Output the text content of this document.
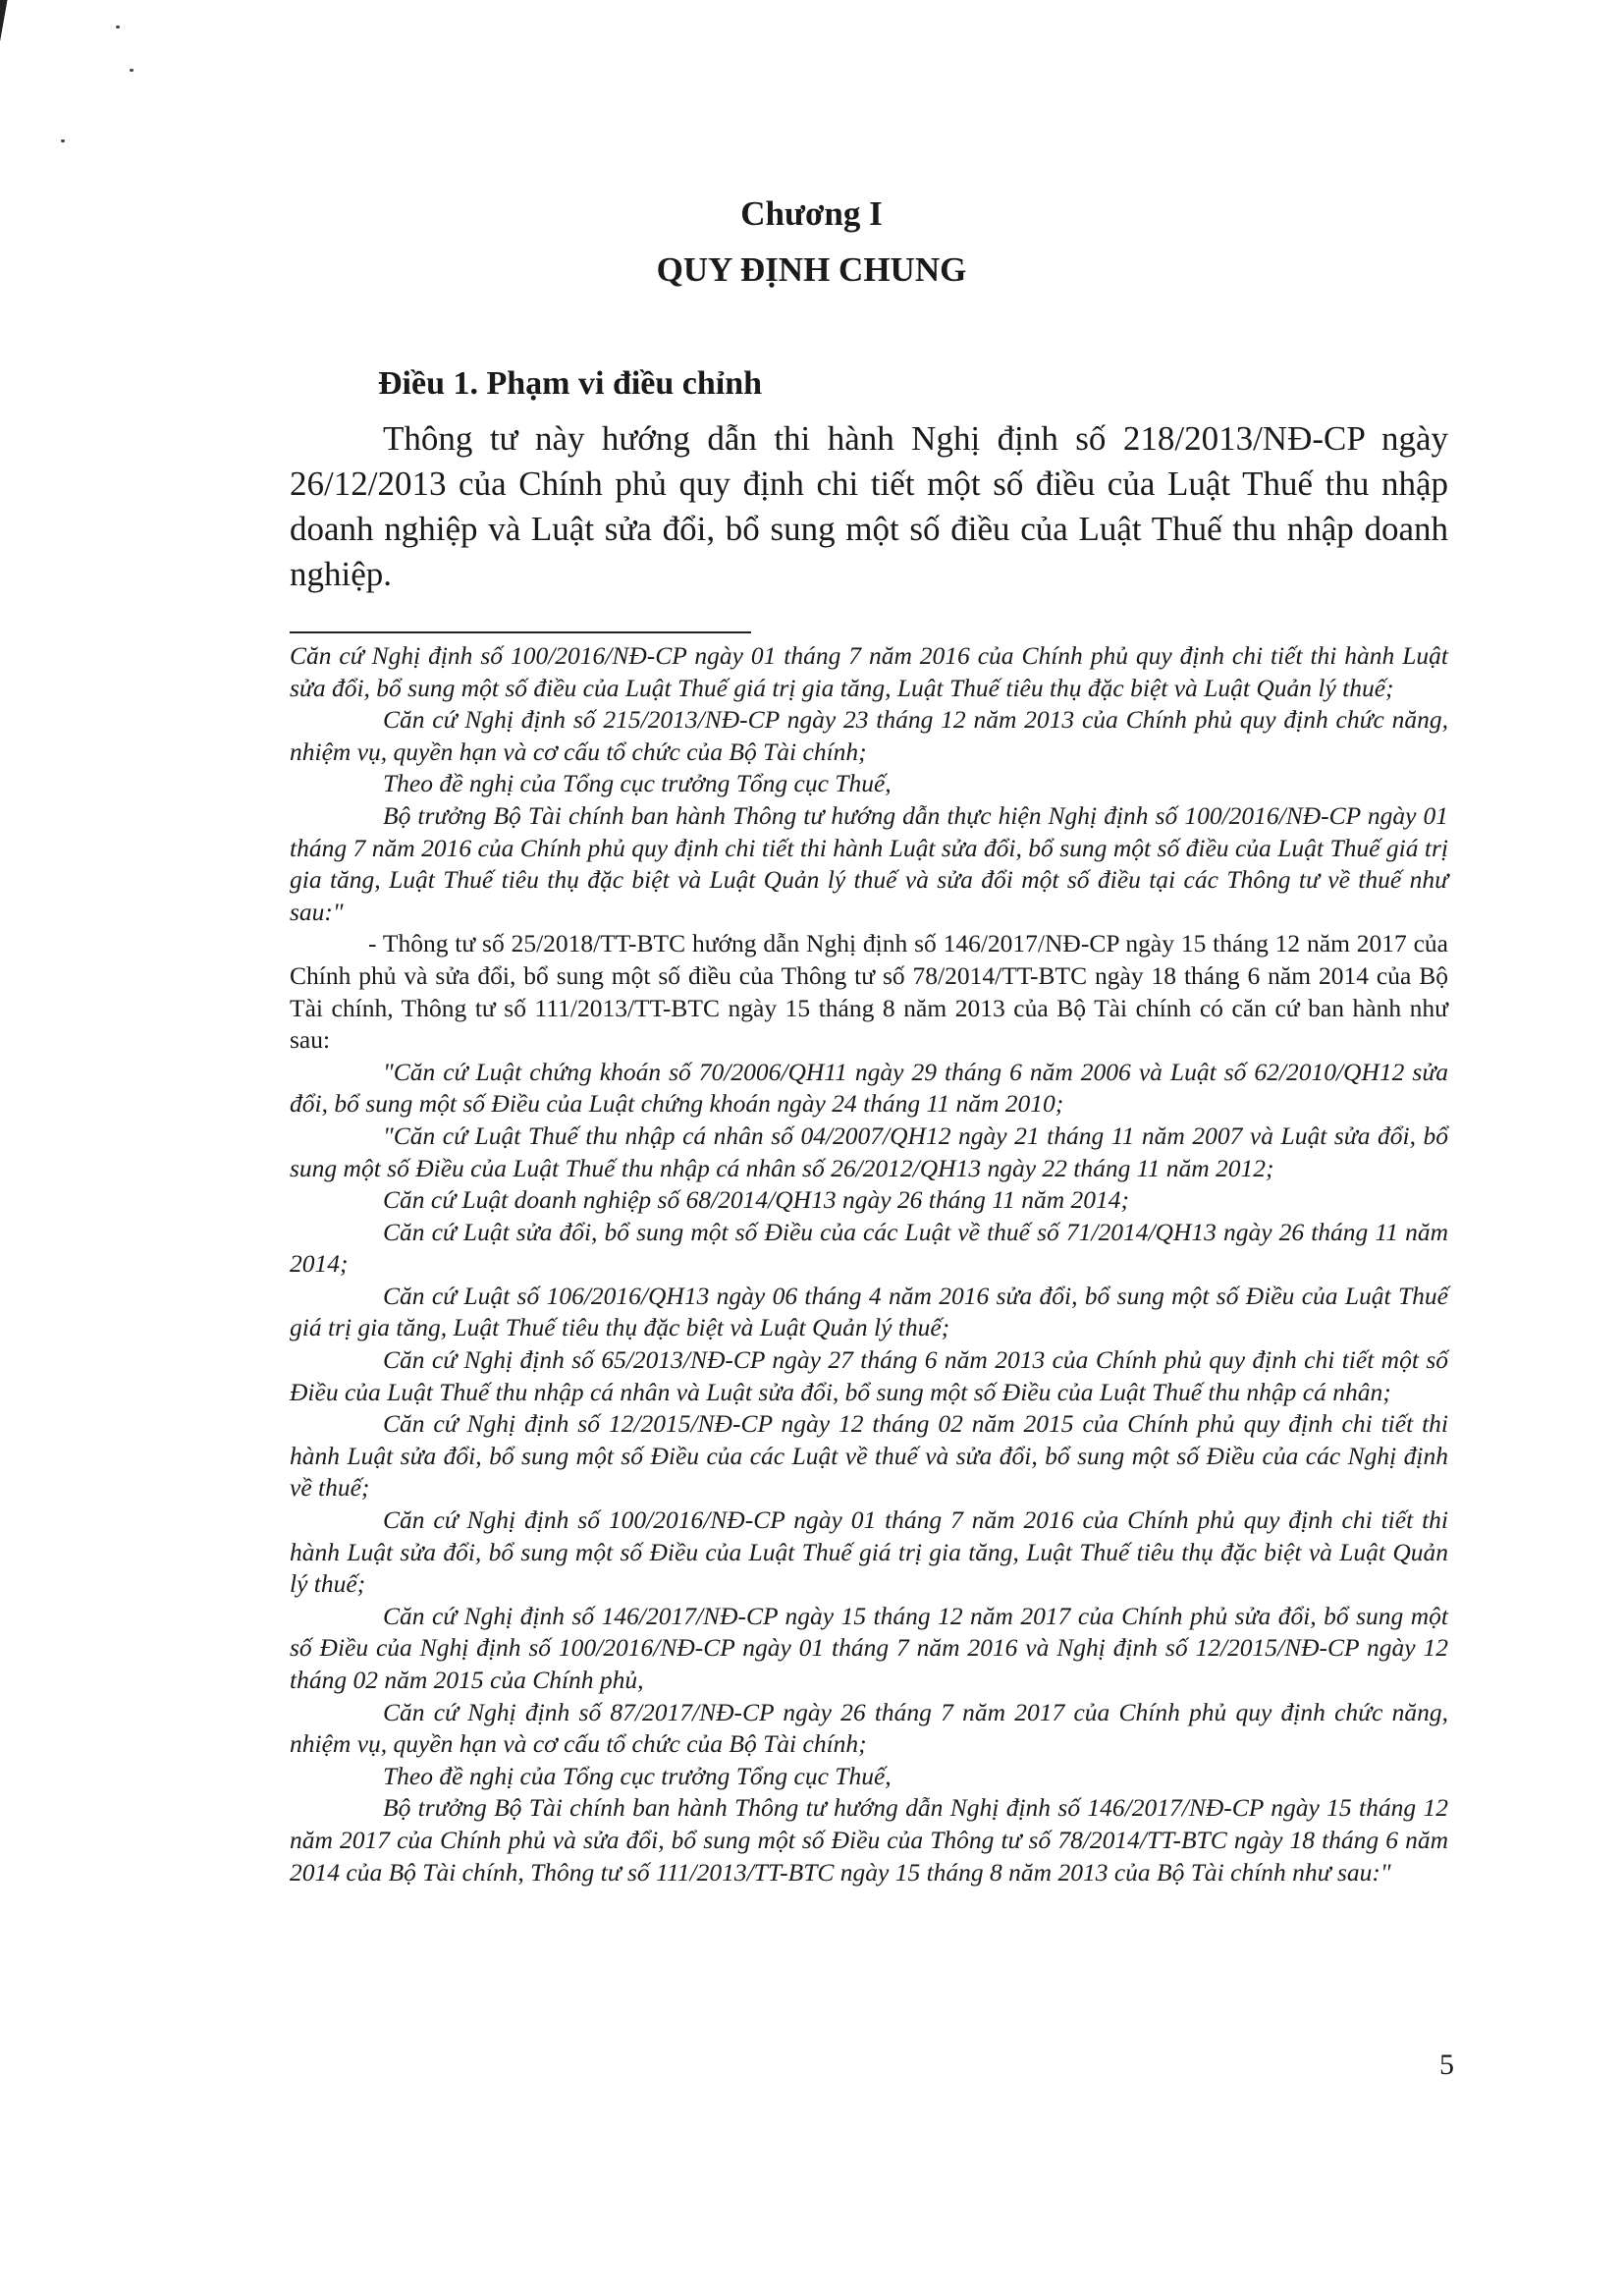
Chương I
QUY ĐỊNH CHUNG
Điều 1. Phạm vi điều chỉnh

Thông tư này hướng dẫn thi hành Nghị định số 218/2013/NĐ-CP ngày 26/12/2013 của Chính phủ quy định chi tiết một số điều của Luật Thuế thu nhập doanh nghiệp và Luật sửa đổi, bổ sung một số điều của Luật Thuế thu nhập doanh nghiệp.

Căn cứ Nghị định số 100/2016/NĐ-CP ngày 01 tháng 7 năm 2016 của Chính phủ quy định chi tiết thi hành Luật sửa đổi, bổ sung một số điều của Luật Thuế giá trị gia tăng, Luật Thuế tiêu thụ đặc biệt và Luật Quản lý thuế;

Căn cứ Nghị định số 215/2013/NĐ-CP ngày 23 tháng 12 năm 2013 của Chính phủ quy định chức năng, nhiệm vụ, quyền hạn và cơ cấu tổ chức của Bộ Tài chính;

Theo đề nghị của Tổng cục trưởng Tổng cục Thuế,

Bộ trưởng Bộ Tài chính ban hành Thông tư hướng dẫn thực hiện Nghị định số 100/2016/NĐ-CP ngày 01 tháng 7 năm 2016 của Chính phủ quy định chi tiết thi hành Luật sửa đổi, bổ sung một số điều của Luật Thuế giá trị gia tăng, Luật Thuế tiêu thụ đặc biệt và Luật Quản lý thuế và sửa đổi một số điều tại các Thông tư về thuế như sau:"

- Thông tư số 25/2018/TT-BTC hướng dẫn Nghị định số 146/2017/NĐ-CP ngày 15 tháng 12 năm 2017 của Chính phủ và sửa đổi, bổ sung một số điều của Thông tư số 78/2014/TT-BTC ngày 18 tháng 6 năm 2014 của Bộ Tài chính, Thông tư số 111/2013/TT-BTC ngày 15 tháng 8 năm 2013 của Bộ Tài chính có căn cứ ban hành như sau:

"Căn cứ Luật chứng khoán số 70/2006/QH11 ngày 29 tháng 6 năm 2006 và Luật số 62/2010/QH12 sửa đổi, bổ sung một số Điều của Luật chứng khoán ngày 24 tháng 11 năm 2010;

"Căn cứ Luật Thuế thu nhập cá nhân số 04/2007/QH12 ngày 21 tháng 11 năm 2007 và Luật sửa đổi, bổ sung một số Điều của Luật Thuế thu nhập cá nhân số 26/2012/QH13 ngày 22 tháng 11 năm 2012;

Căn cứ Luật doanh nghiệp số 68/2014/QH13 ngày 26 tháng 11 năm 2014;

Căn cứ Luật sửa đổi, bổ sung một số Điều của các Luật về thuế số 71/2014/QH13 ngày 26 tháng 11 năm 2014;

Căn cứ Luật số 106/2016/QH13 ngày 06 tháng 4 năm 2016 sửa đổi, bổ sung một số Điều của Luật Thuế giá trị gia tăng, Luật Thuế tiêu thụ đặc biệt và Luật Quản lý thuế;

Căn cứ Nghị định số 65/2013/NĐ-CP ngày 27 tháng 6 năm 2013 của Chính phủ quy định chi tiết một số Điều của Luật Thuế thu nhập cá nhân và Luật sửa đổi, bổ sung một số Điều của Luật Thuế thu nhập cá nhân;

Căn cứ Nghị định số 12/2015/NĐ-CP ngày 12 tháng 02 năm 2015 của Chính phủ quy định chi tiết thi hành Luật sửa đổi, bổ sung một số Điều của các Luật về thuế và sửa đổi, bổ sung một số Điều của các Nghị định về thuế;

Căn cứ Nghị định số 100/2016/NĐ-CP ngày 01 tháng 7 năm 2016 của Chính phủ quy định chi tiết thi hành Luật sửa đổi, bổ sung một số Điều của Luật Thuế giá trị gia tăng, Luật Thuế tiêu thụ đặc biệt và Luật Quản lý thuế;

Căn cứ Nghị định số 146/2017/NĐ-CP ngày 15 tháng 12 năm 2017 của Chính phủ sửa đổi, bổ sung một số Điều của Nghị định số 100/2016/NĐ-CP ngày 01 tháng 7 năm 2016 và Nghị định số 12/2015/NĐ-CP ngày 12 tháng 02 năm 2015 của Chính phủ,

Căn cứ Nghị định số 87/2017/NĐ-CP ngày 26 tháng 7 năm 2017 của Chính phủ quy định chức năng, nhiệm vụ, quyền hạn và cơ cấu tổ chức của Bộ Tài chính;

Theo đề nghị của Tổng cục trưởng Tổng cục Thuế,

Bộ trưởng Bộ Tài chính ban hành Thông tư hướng dẫn Nghị định số 146/2017/NĐ-CP ngày 15 tháng 12 năm 2017 của Chính phủ và sửa đổi, bổ sung một số Điều của Thông tư số 78/2014/TT-BTC ngày 18 tháng 6 năm 2014 của Bộ Tài chính, Thông tư số 111/2013/TT-BTC ngày 15 tháng 8 năm 2013 của Bộ Tài chính như sau:"

5
